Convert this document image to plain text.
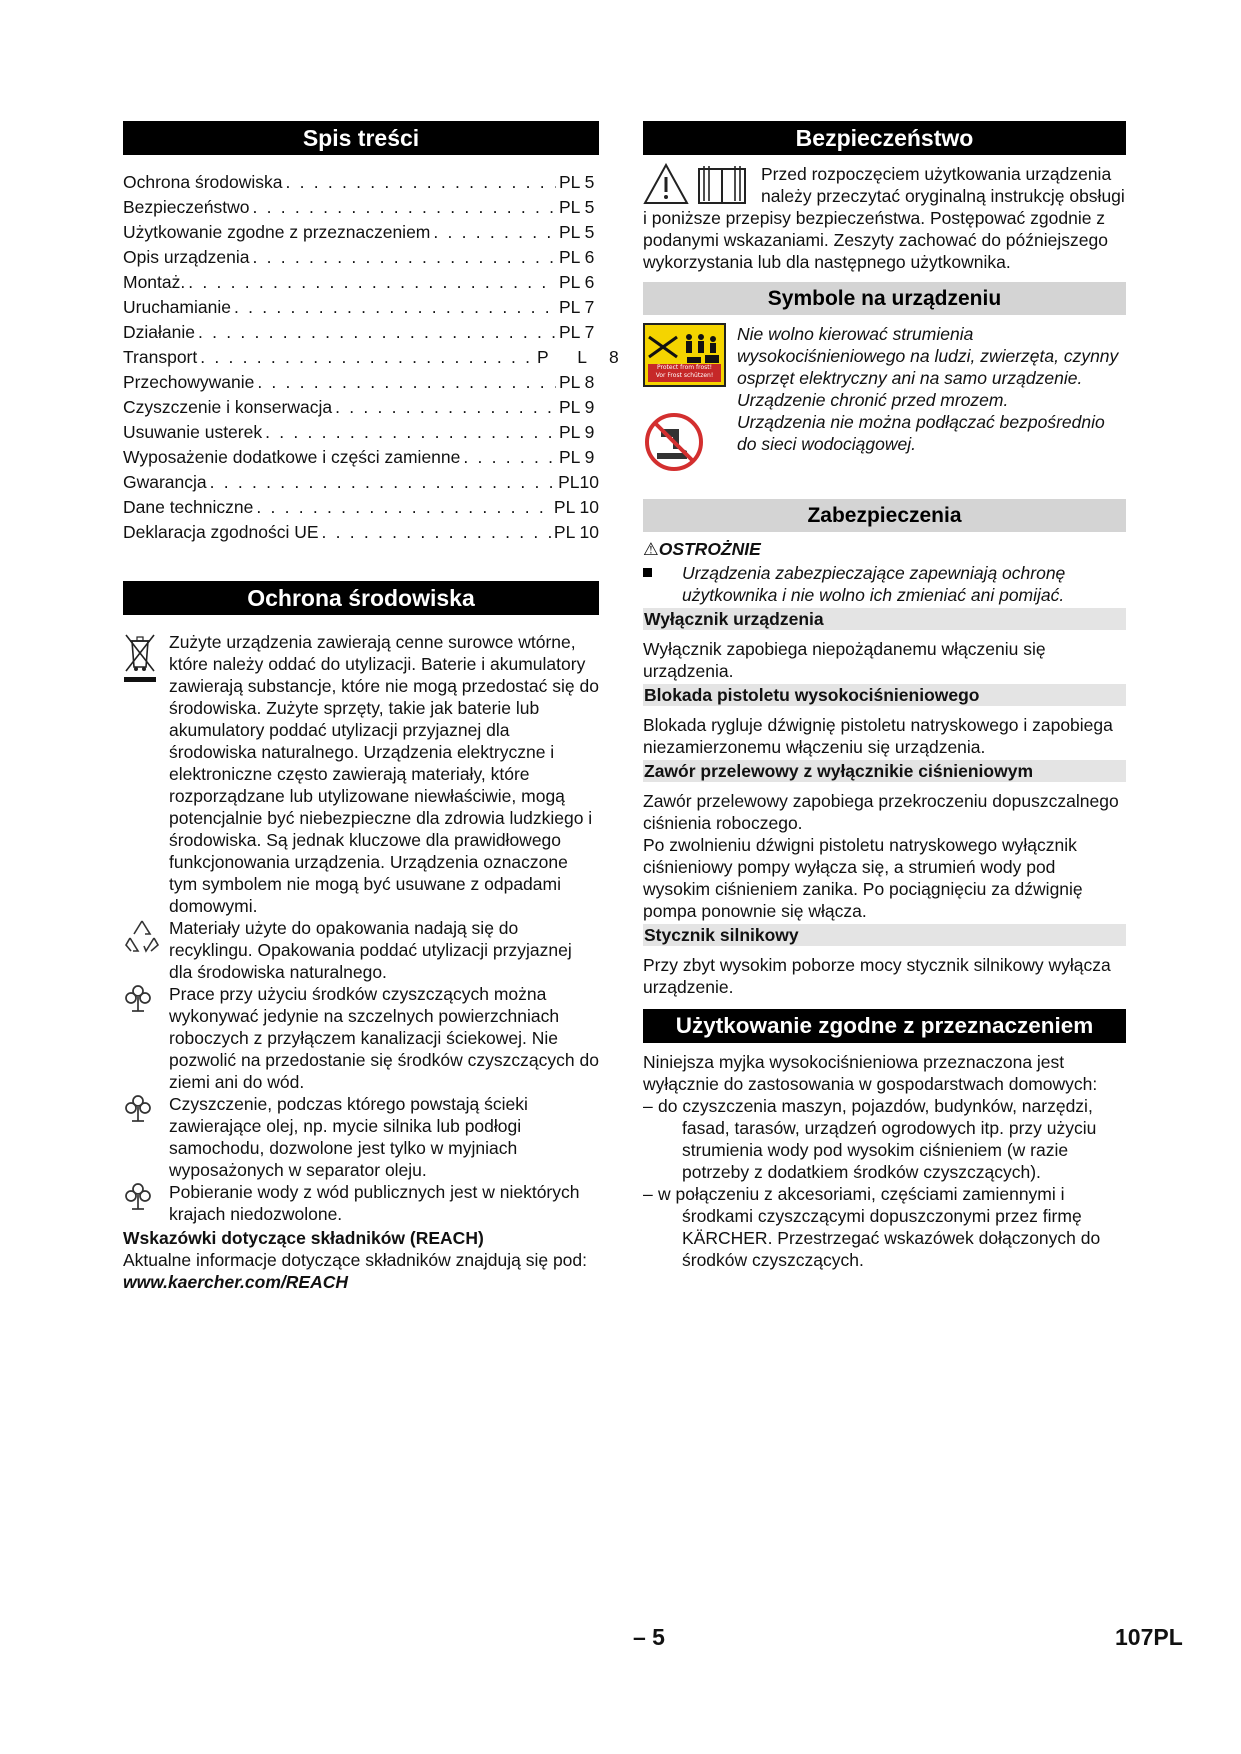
Spis treści
Ochrona środowiska . . .	PL 5
Bezpieczeństwo . . .	PL 5
Użytkowanie zgodne z przeznaczeniem . . .	PL 5
Opis urządzenia . . .	PL 6
Montaż. . . .	PL 6
Uruchamianie . . .	PL 7
Działanie . . .	PL 7
Transport . . .	P L 8
Przechowywanie . . .	PL 8
Czyszczenie i konserwacja . . .	PL 9
Usuwanie usterek . . .	PL 9
Wyposażenie dodatkowe i części zamienne . . .	PL 9
Gwarancja . . .	PL10
Dane techniczne . . .	PL 10
Deklaracja zgodności UE . . .	PL 10
Ochrona środowiska

Zużyte urządzenia zawierają cenne surowce wtórne, które należy oddać do utylizacji. Baterie i akumulatory zawierają substancje, które nie mogą przedostać się do środowiska. Zużyte sprzęty, takie jak baterie lub akumulatory poddać utylizacji przyjaznej dla środowiska naturalnego. Urządzenia elektryczne i elektroniczne często zawierają materiały, które rozporządzane lub utylizowane niewłaściwie, mogą potencjalnie być niebezpieczne dla zdrowia ludzkiego i środowiska. Są jednak kluczowe dla prawidłowego funkcjonowania urządzenia. Urządzenia oznaczone tym symbolem nie mogą być usuwane z odpadami domowymi.

Materiały użyte do opakowania nadają się do recyklingu. Opakowania poddać utylizacji przyjaznej dla środowiska naturalnego.

Prace przy użyciu środków czyszczących można wykonywać jedynie na szczelnych powierzchniach roboczych z przyłączem kanalizacji ściekowej. Nie pozwolić na przedostanie się środków czyszczących do ziemi ani do wód.

Czyszczenie, podczas którego powstają ścieki zawierające olej, np. mycie silnika lub podłogi samochodu, dozwolone jest tylko w myjniach wyposażonych w separator oleju.

Pobieranie wody z wód publicznych jest w niektórych krajach niedozwolone.

Wskazówki dotyczące składników (REACH)
Aktualne informacje dotyczące składników znajdują się pod:
www.kaercher.com/REACH
Bezpieczeństwo

Przed rozpoczęciem użytkowania urządzenia należy przeczytać oryginalną instrukcję obsługi i poniższe przepisy bezpieczeństwa. Postępować zgodnie z podanymi wskazaniami. Zeszyty zachować do późniejszego wykorzystania lub dla następnego użytkownika.

Symbole na urządzeniu
Protect from frost!
Vor Frost schützen!

Nie wolno kierować strumienia wysokociśnieniowego na ludzi, zwierzęta, czynny osprzęt elektryczny ani na samo urządzenie. Urządzenie chronić przed mrozem.

Urządzenia nie można podłączać bezpośrednio do sieci wodociągowej.

Zabezpieczenia
⚠OSTROŻNIE

Urządzenia zabezpieczające zapewniają ochronę użytkownika i nie wolno ich zmieniać ani pomijać.

Wyłącznik urządzenia

Wyłącznik zapobiega niepożądanemu włączeniu się urządzenia.

Blokada pistoletu wysokociśnieniowego

Blokada rygluje dźwignię pistoletu natryskowego i zapobiega niezamierzonemu włączeniu się urządzenia.

Zawór przelewowy z wyłącznikie ciśnieniowym

Zawór przelewowy zapobiega przekroczeniu dopuszczalnego ciśnienia roboczego.

Po zwolnieniu dźwigni pistoletu natryskowego wyłącznik ciśnieniowy pompy wyłącza się, a strumień wody pod wysokim ciśnieniem zanika. Po pociągnięciu za dźwignię pompa ponownie się włącza.

Stycznik silnikowy

Przy zbyt wysokim poborze mocy stycznik silnikowy wyłącza urządzenie.

Użytkowanie zgodne z przeznaczeniem

Niniejsza myjka wysokociśnieniowa przeznaczona jest wyłącznie do zastosowania w gospodarstwach domowych:

– do czyszczenia maszyn, pojazdów, budynków, narzędzi, fasad, tarasów, urządzeń ogrodowych itp. przy użyciu strumienia wody pod wysokim ciśnieniem (w razie potrzeby z dodatkiem środków czyszczących).
– w połączeniu z akcesoriami, częściami zamiennymi i środkami czyszczącymi dopuszczonymi przez firmę KÄRCHER. Przestrzegać wskazówek dołączonych do środków czyszczących.
– 5	107PL
